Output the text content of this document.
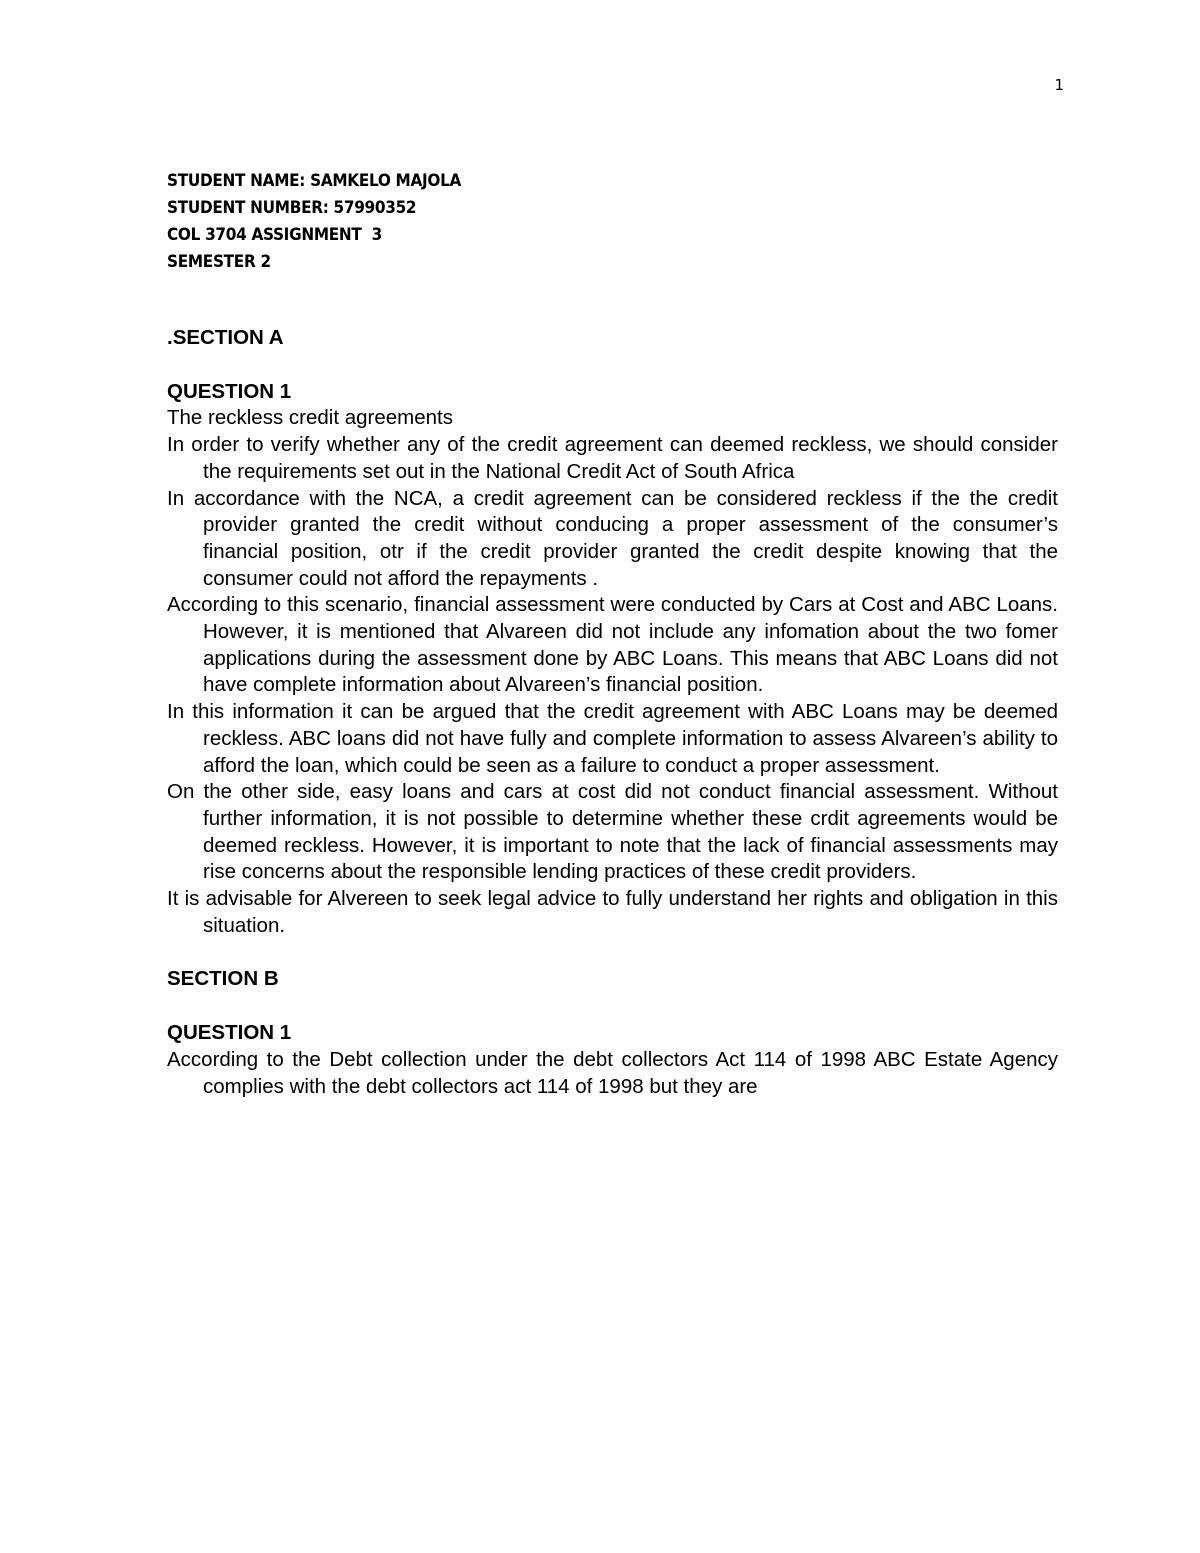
1
STUDENT NAME: SAMKELO MAJOLA
STUDENT NUMBER: 57990352
COL 3704 ASSIGNMENT  3
SEMESTER 2

.SECTION A

QUESTION 1

The reckless credit agreements

In order to verify whether any of the credit agreement can deemed reckless, we should consider the requirements set out in the National Credit Act of South Africa

In accordance with the NCA, a credit agreement can be considered reckless if the the credit provider granted the credit without conducing a proper assessment of the consumer’s financial position, otr if the credit provider granted the credit despite knowing that the consumer could not afford the repayments .

According to this scenario, financial assessment were conducted by Cars at Cost and ABC Loans. However, it is mentioned that Alvareen did not include any infomation about the two fomer applications during the assessment done by ABC Loans. This means that ABC Loans did not have complete information about Alvareen’s financial position.

In this information it can be argued that the credit agreement with ABC Loans may be deemed reckless. ABC loans did not have fully and complete information to assess Alvareen’s ability to afford the loan, which could be seen as a failure to conduct a proper assessment.

On the other side, easy loans and cars at cost did not conduct financial assessment. Without further information, it is not possible to determine whether these crdit agreements would be deemed reckless. However, it is important to note that the lack of financial assessments may rise concerns about the responsible lending practices of these credit providers.

It is advisable for Alvereen to seek legal advice to fully understand her rights and obligation in this situation.

SECTION B

QUESTION 1

According to the Debt collection under the debt collectors Act 114 of 1998 ABC Estate Agency complies with the debt collectors act 114 of 1998 but they are
